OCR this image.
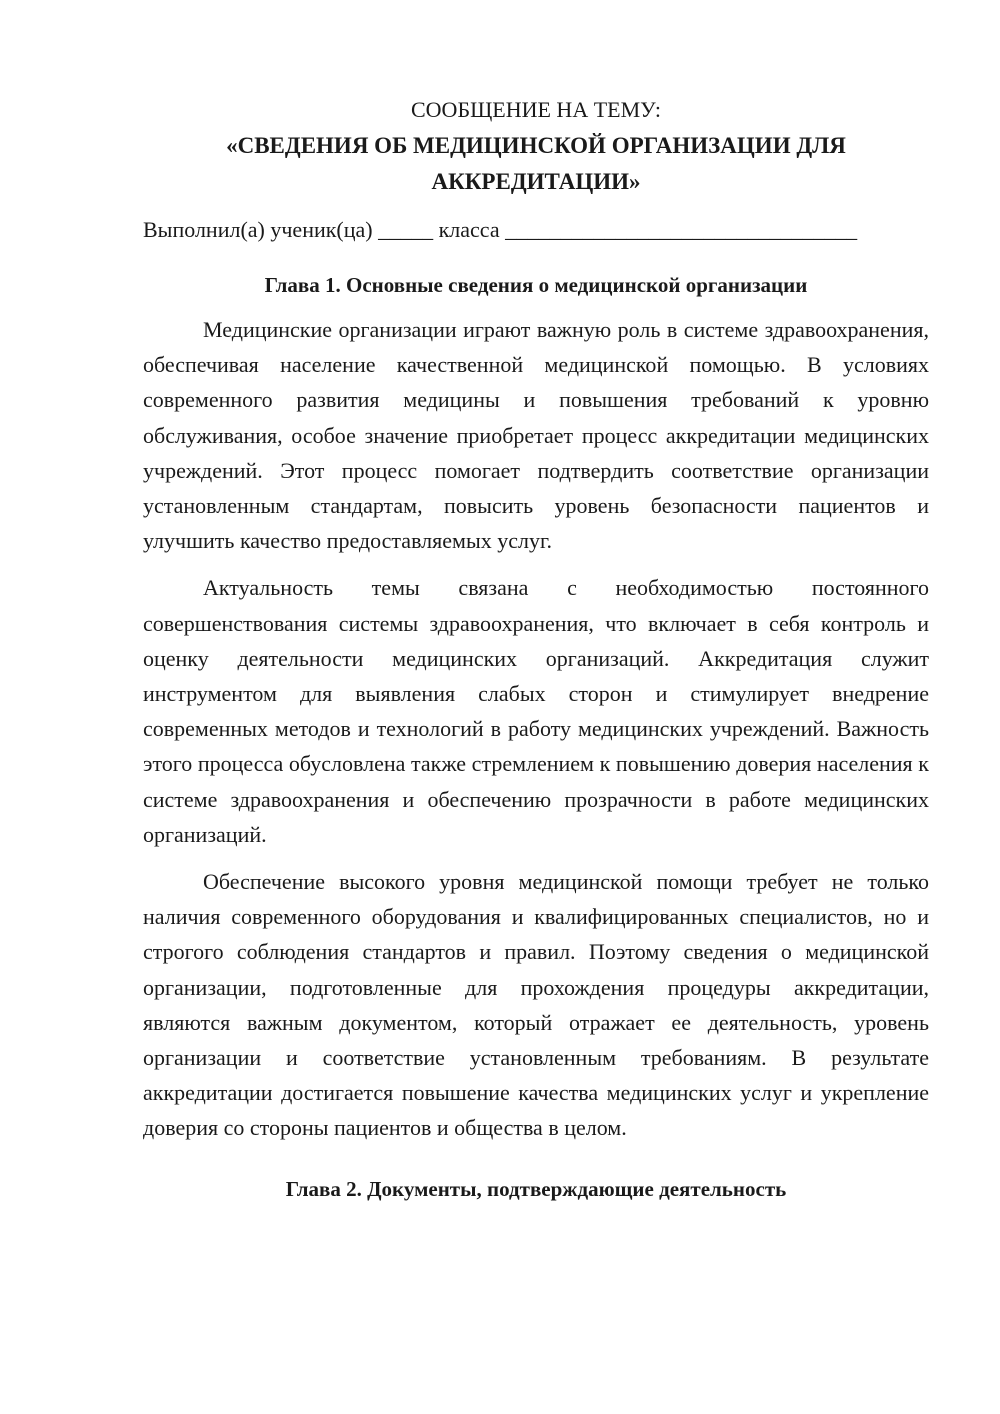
СООБЩЕНИЕ НА ТЕМУ:

«СВЕДЕНИЯ ОБ МЕДИЦИНСКОЙ ОРГАНИЗАЦИИ ДЛЯ АККРЕДИТАЦИИ»

Выполнил(а) ученик(ца) _____ класса ________________________________

Глава 1. Основные сведения о медицинской организации

Медицинские организации играют важную роль в системе здравоохранения, обеспечивая население качественной медицинской помощью. В условиях современного развития медицины и повышения требований к уровню обслуживания, особое значение приобретает процесс аккредитации медицинских учреждений. Этот процесс помогает подтвердить соответствие организации установленным стандартам, повысить уровень безопасности пациентов и улучшить качество предоставляемых услуг.

Актуальность темы связана с необходимостью постоянного совершенствования системы здравоохранения, что включает в себя контроль и оценку деятельности медицинских организаций. Аккредитация служит инструментом для выявления слабых сторон и стимулирует внедрение современных методов и технологий в работу медицинских учреждений. Важность этого процесса обусловлена также стремлением к повышению доверия населения к системе здравоохранения и обеспечению прозрачности в работе медицинских организаций.

Обеспечение высокого уровня медицинской помощи требует не только наличия современного оборудования и квалифицированных специалистов, но и строгого соблюдения стандартов и правил. Поэтому сведения о медицинской организации, подготовленные для прохождения процедуры аккредитации, являются важным документом, который отражает ее деятельность, уровень организации и соответствие установленным требованиям. В результате аккредитации достигается повышение качества медицинских услуг и укрепление доверия со стороны пациентов и общества в целом.

Глава 2. Документы, подтверждающие деятельность
